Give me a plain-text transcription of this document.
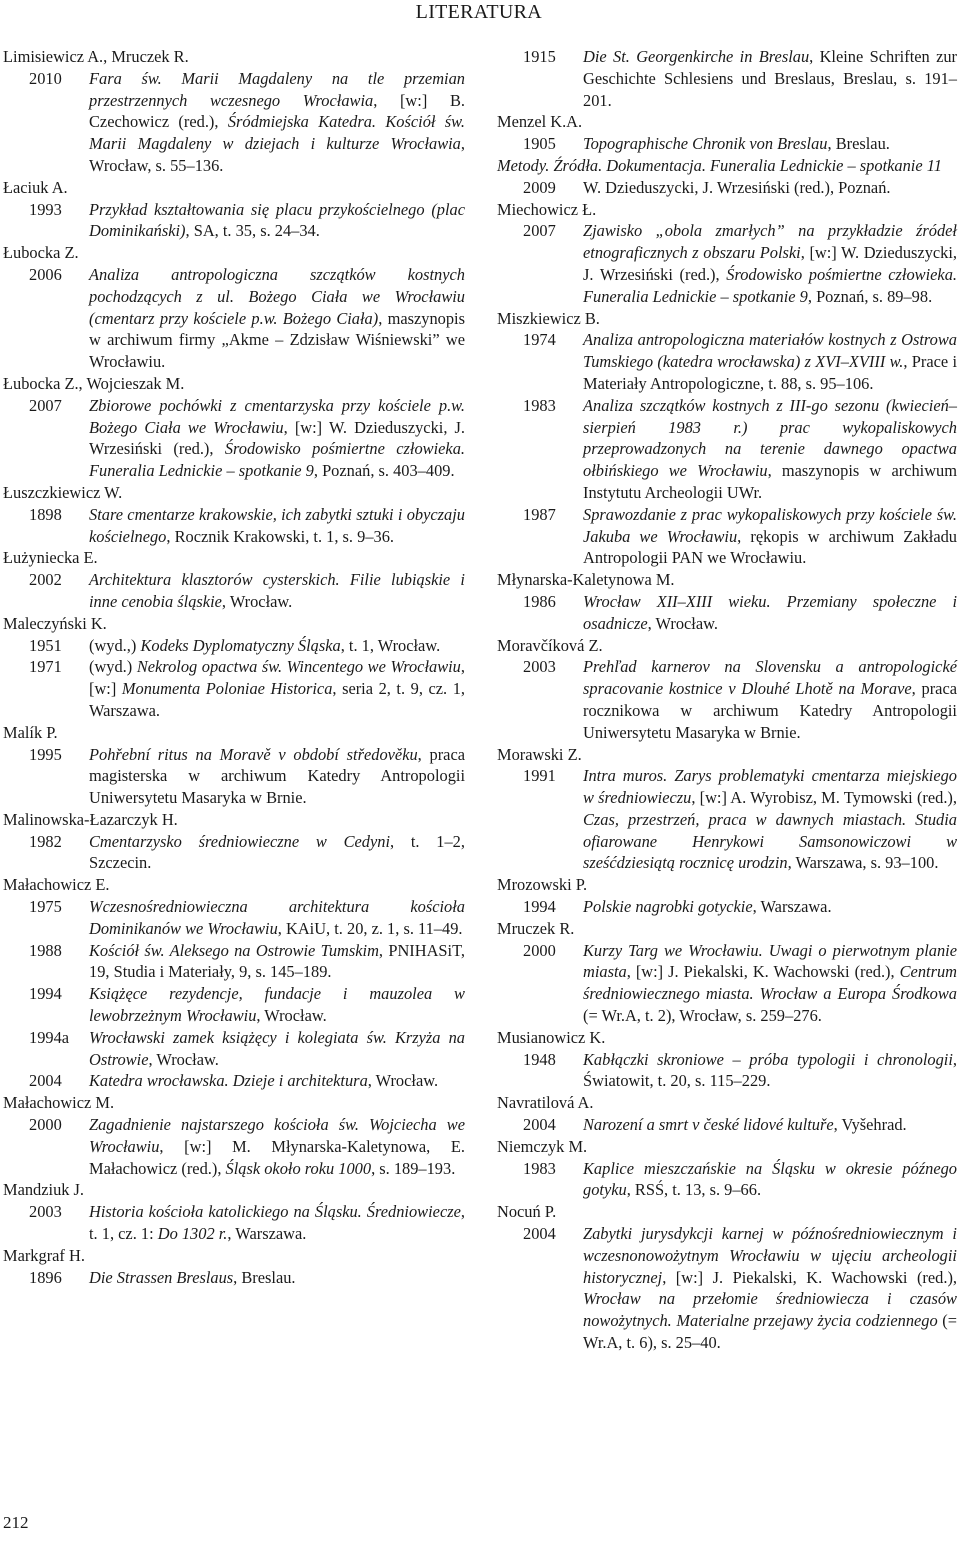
LITERATURA

Limisiewicz A., Mruczek R.

2010	Fara św. Marii Magdaleny na tle przemian przestrzennych wczesnego Wrocławia, [w:] B. Czechowicz (red.), Śródmiejska Katedra. Kościół św. Marii Magdaleny w dziejach i kulturze Wrocławia, Wrocław, s. 55–136.

Łaciuk A.

1993	Przykład kształtowania się placu przykościelnego (plac Dominikański), SA, t. 35, s. 24–34.

Łubocka Z.

2006	Analiza antropologiczna szczątków kostnych pochodzących z ul. Bożego Ciała we Wrocławiu (cmentarz przy kościele p.w. Bożego Ciała), maszynopis w archiwum firmy „Akme – Zdzisław Wiśniewski” we Wrocławiu.

Łubocka Z., Wojcieszak M.

2007	Zbiorowe pochówki z cmentarzyska przy kościele p.w. Bożego Ciała we Wrocławiu, [w:] W. Dzieduszycki, J. Wrzesiński (red.), Środowisko pośmiertne człowieka. Funeralia Lednickie – spotkanie 9, Poznań, s. 403–409.

Łuszczkiewicz W.

1898	Stare cmentarze krakowskie, ich zabytki sztuki i obyczaju kościelnego, Rocznik Krakowski, t. 1, s. 9–36.

Łużyniecka E.

2002	Architektura klasztorów cysterskich. Filie lubiąskie i inne cenobia śląskie, Wrocław.

Maleczyński K.

1951	(wyd.,) Kodeks Dyplomatyczny Śląska, t. 1, Wrocław.
1971	(wyd.) Nekrolog opactwa św. Wincentego we Wrocławiu, [w:] Monumenta Poloniae Historica, seria 2, t. 9, cz. 1, Warszawa.

Malík P.

1995	Pohřební ritus na Moravě v období středověku, praca magisterska w archiwum Katedry Antropologii Uniwersytetu Masaryka w Brnie.

Malinowska-Łazarczyk H.

1982	Cmentarzysko średniowieczne w Cedyni, t. 1–2, Szczecin.

Małachowicz E.

1975	Wczesnośredniowieczna architektura kościoła Dominikanów we Wrocławiu, KAiU, t. 20, z. 1, s. 11–49.
1988	Kościół św. Aleksego na Ostrowie Tumskim, PNIHASiT, 19, Studia i Materiały, 9, s. 145–189.
1994	Książęce rezydencje, fundacje i mauzolea w lewobrzeżnym Wrocławiu, Wrocław.
1994a	Wrocławski zamek książęcy i kolegiata św. Krzyża na Ostrowie, Wrocław.
2004	Katedra wrocławska. Dzieje i architektura, Wrocław.

Małachowicz M.

2000	Zagadnienie najstarszego kościoła św. Wojciecha we Wrocławiu, [w:] M. Młynarska-Kaletynowa, E. Małachowicz (red.), Śląsk około roku 1000, s. 189–193.

Mandziuk J.

2003	Historia kościoła katolickiego na Śląsku. Średniowiecze, t. 1, cz. 1: Do 1302 r., Warszawa.

Markgraf H.

1896	Die Strassen Breslaus, Breslau.
1915	Die St. Georgenkirche in Breslau, Kleine Schriften zur Geschichte Schlesiens und Breslaus, Breslau, s. 191–201.

Menzel K.A.

1905	Topographische Chronik von Breslau, Breslau.

Metody. Źródła. Dokumentacja. Funeralia Lednickie – spotkanie 11

2009	W. Dzieduszycki, J. Wrzesiński (red.), Poznań.

Miechowicz Ł.

2007	Zjawisko „obola zmarłych” na przykładzie źródeł etnograficznych z obszaru Polski, [w:] W. Dzieduszycki, J. Wrzesiński (red.), Środowisko pośmiertne człowieka. Funeralia Lednickie – spotkanie 9, Poznań, s. 89–98.

Miszkiewicz B.

1974	Analiza antropologiczna materiałów kostnych z Ostrowa Tumskiego (katedra wrocławska) z XVI–XVIII w., Prace i Materiały Antropologiczne, t. 88, s. 95–106.
1983	Analiza szczątków kostnych z III-go sezonu (kwiecień–sierpień 1983 r.) prac wykopaliskowych przeprowadzonych na terenie dawnego opactwa ołbińskiego we Wrocławiu, maszynopis w archiwum Instytutu Archeologii UWr.
1987	Sprawozdanie z prac wykopaliskowych przy kościele św. Jakuba we Wrocławiu, rękopis w archiwum Zakładu Antropologii PAN we Wrocławiu.

Młynarska-Kaletynowa M.

1986	Wrocław XII–XIII wieku. Przemiany społeczne i osadnicze, Wrocław.

Moravčíková Z.

2003	Prehľad karnerov na Slovensku a antropologické spracovanie kostnice v Dlouhé Lhotě na Morave, praca rocznikowa w archiwum Katedry Antropologii Uniwersytetu Masaryka w Brnie.

Morawski Z.

1991	Intra muros. Zarys problematyki cmentarza miejskiego w średniowieczu, [w:] A. Wyrobisz, M. Tymowski (red.), Czas, przestrzeń, praca w dawnych miastach. Studia ofiarowane Henrykowi Samsonowiczowi w sześćdziesiątą rocznicę urodzin, Warszawa, s. 93–100.

Mrozowski P.

1994	Polskie nagrobki gotyckie, Warszawa.

Mruczek R.

2000	Kurzy Targ we Wrocławiu. Uwagi o pierwotnym planie miasta, [w:] J. Piekalski, K. Wachowski (red.), Centrum średniowiecznego miasta. Wrocław a Europa Środkowa (= Wr.A, t. 2), Wrocław, s. 259–276.

Musianowicz K.

1948	Kabłączki skroniowe – próba typologii i chronologii, Światowit, t. 20, s. 115–229.

Navratilová A.

2004	Narození a smrt v české lidové kultuře, Vyšehrad.

Niemczyk M.

1983	Kaplice mieszczańskie na Śląsku w okresie późnego gotyku, RSŚ, t. 13, s. 9–66.

Nocuń P.

2004	Zabytki jurysdykcji karnej w późnośredniowiecznym i wczesnonowożytnym Wrocławiu w ujęciu archeologii historycznej, [w:] J. Piekalski, K. Wachowski (red.), Wrocław na przełomie średniowiecza i czasów nowożytnych. Materialne przejawy życia codziennego (= Wr.A, t. 6), s. 25–40.
212
